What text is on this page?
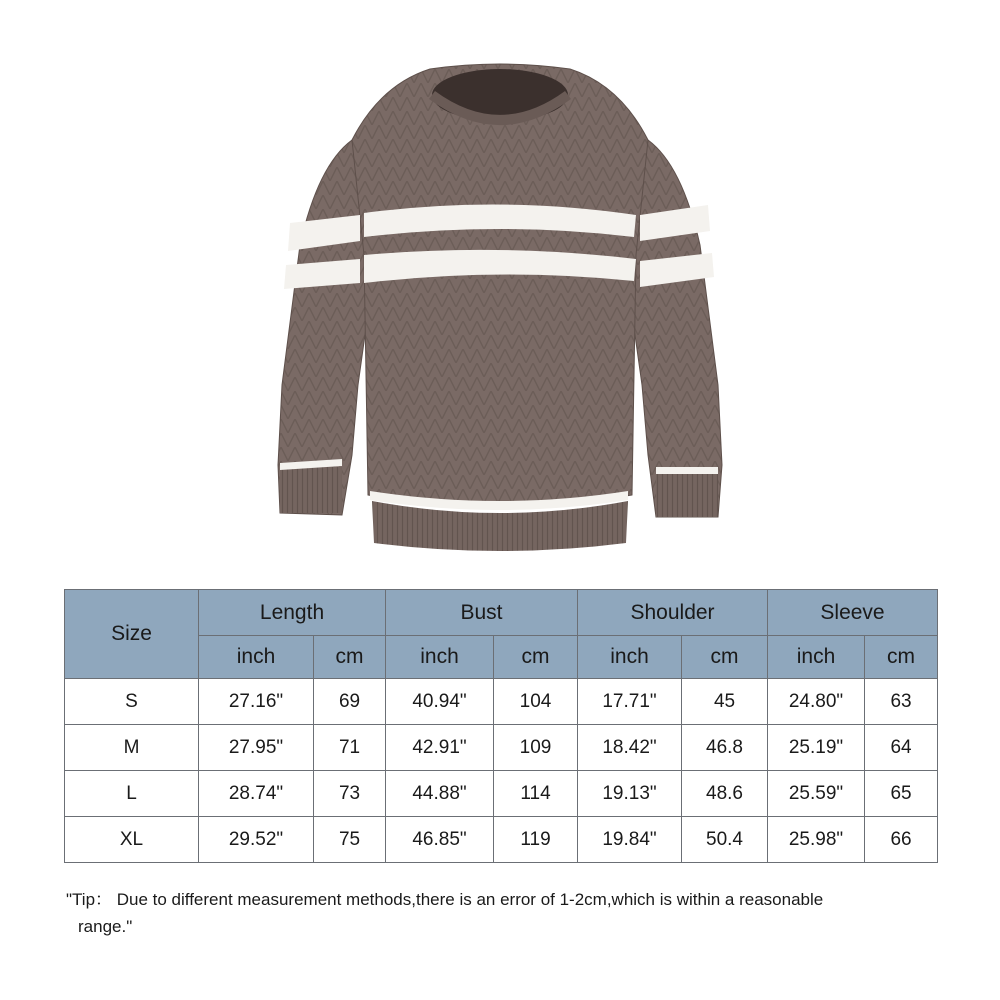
Size	Length		Bust		Shoulder		Sleeve	
	inch	cm	inch	cm	inch	cm	inch	cm
S	27.16"	69	40.94"	104	17.71"	45	24.80"	63
M	27.95"	71	42.91"	109	18.42"	46.8	25.19"	64
L	28.74"	73	44.88"	114	19.13"	48.6	25.59"	65
XL	29.52"	75	46.85"	119	19.84"	50.4	25.98"	66
"Tip： Due to different measurement methods,there is an error of 1-2cm,which is within a reasonable
range."
